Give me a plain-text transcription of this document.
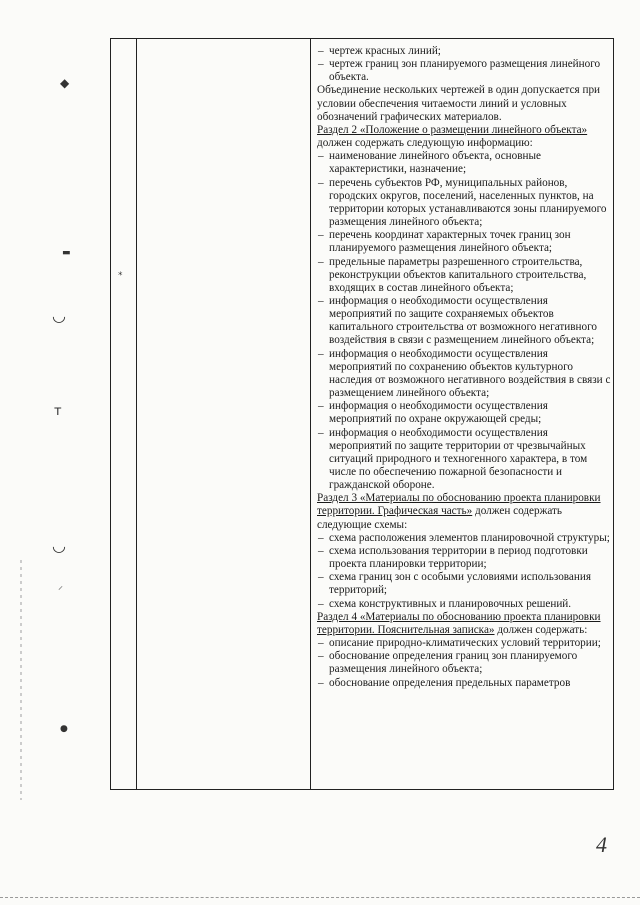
◆
▬
◡
ᴛ
◡
⸝
●
⁎

– чертеж красных линий;

– чертеж границ зон планируемого размещения линейного объекта.

Объединение нескольких чертежей в один допускается при условии обеспечения читаемости линий и условных обозначений графических материалов.

Раздел 2 «Положение о размещении линейного объекта» должен содержать следующую информацию:

– наименование линейного объекта, основные характеристики, назначение;

– перечень субъектов РФ, муниципальных районов, городских округов, поселений, населенных пунктов, на территории которых устанавливаются зоны планируемого размещения линейного объекта;

– перечень координат характерных точек границ зон планируемого размещения линейного объекта;

– предельные параметры разрешенного строительства, реконструкции объектов капитального строительства, входящих в состав линейного объекта;

– информация о необходимости осуществления мероприятий по защите сохраняемых объектов капитального строительства от возможного негативного воздействия в связи с размещением линейного объекта;

– информация о необходимости осуществления мероприятий по сохранению объектов культурного наследия от возможного негативного воздействия в связи с размещением линейного объекта;

– информация о необходимости осуществления мероприятий по охране окружающей среды;

– информация о необходимости осуществления мероприятий по защите территории от чрезвычайных ситуаций природного и техногенного характера, в том числе по обеспечению пожарной безопасности и гражданской обороне.

Раздел 3 «Материалы по обоснованию проекта планировки территории. Графическая часть» должен содержать следующие схемы:

– схема расположения элементов планировочной структуры;

– схема использования территории в период подготовки проекта планировки территории;

– схема границ зон с особыми условиями использования территорий;

– схема конструктивных и планировочных решений.

Раздел 4 «Материалы по обоснованию проекта планировки территории. Пояснительная записка» должен содержать:

– описание природно-климатических условий территории;

– обоснование определения границ зон планируемого размещения линейного объекта;

– обоснование определения предельных параметров

4
